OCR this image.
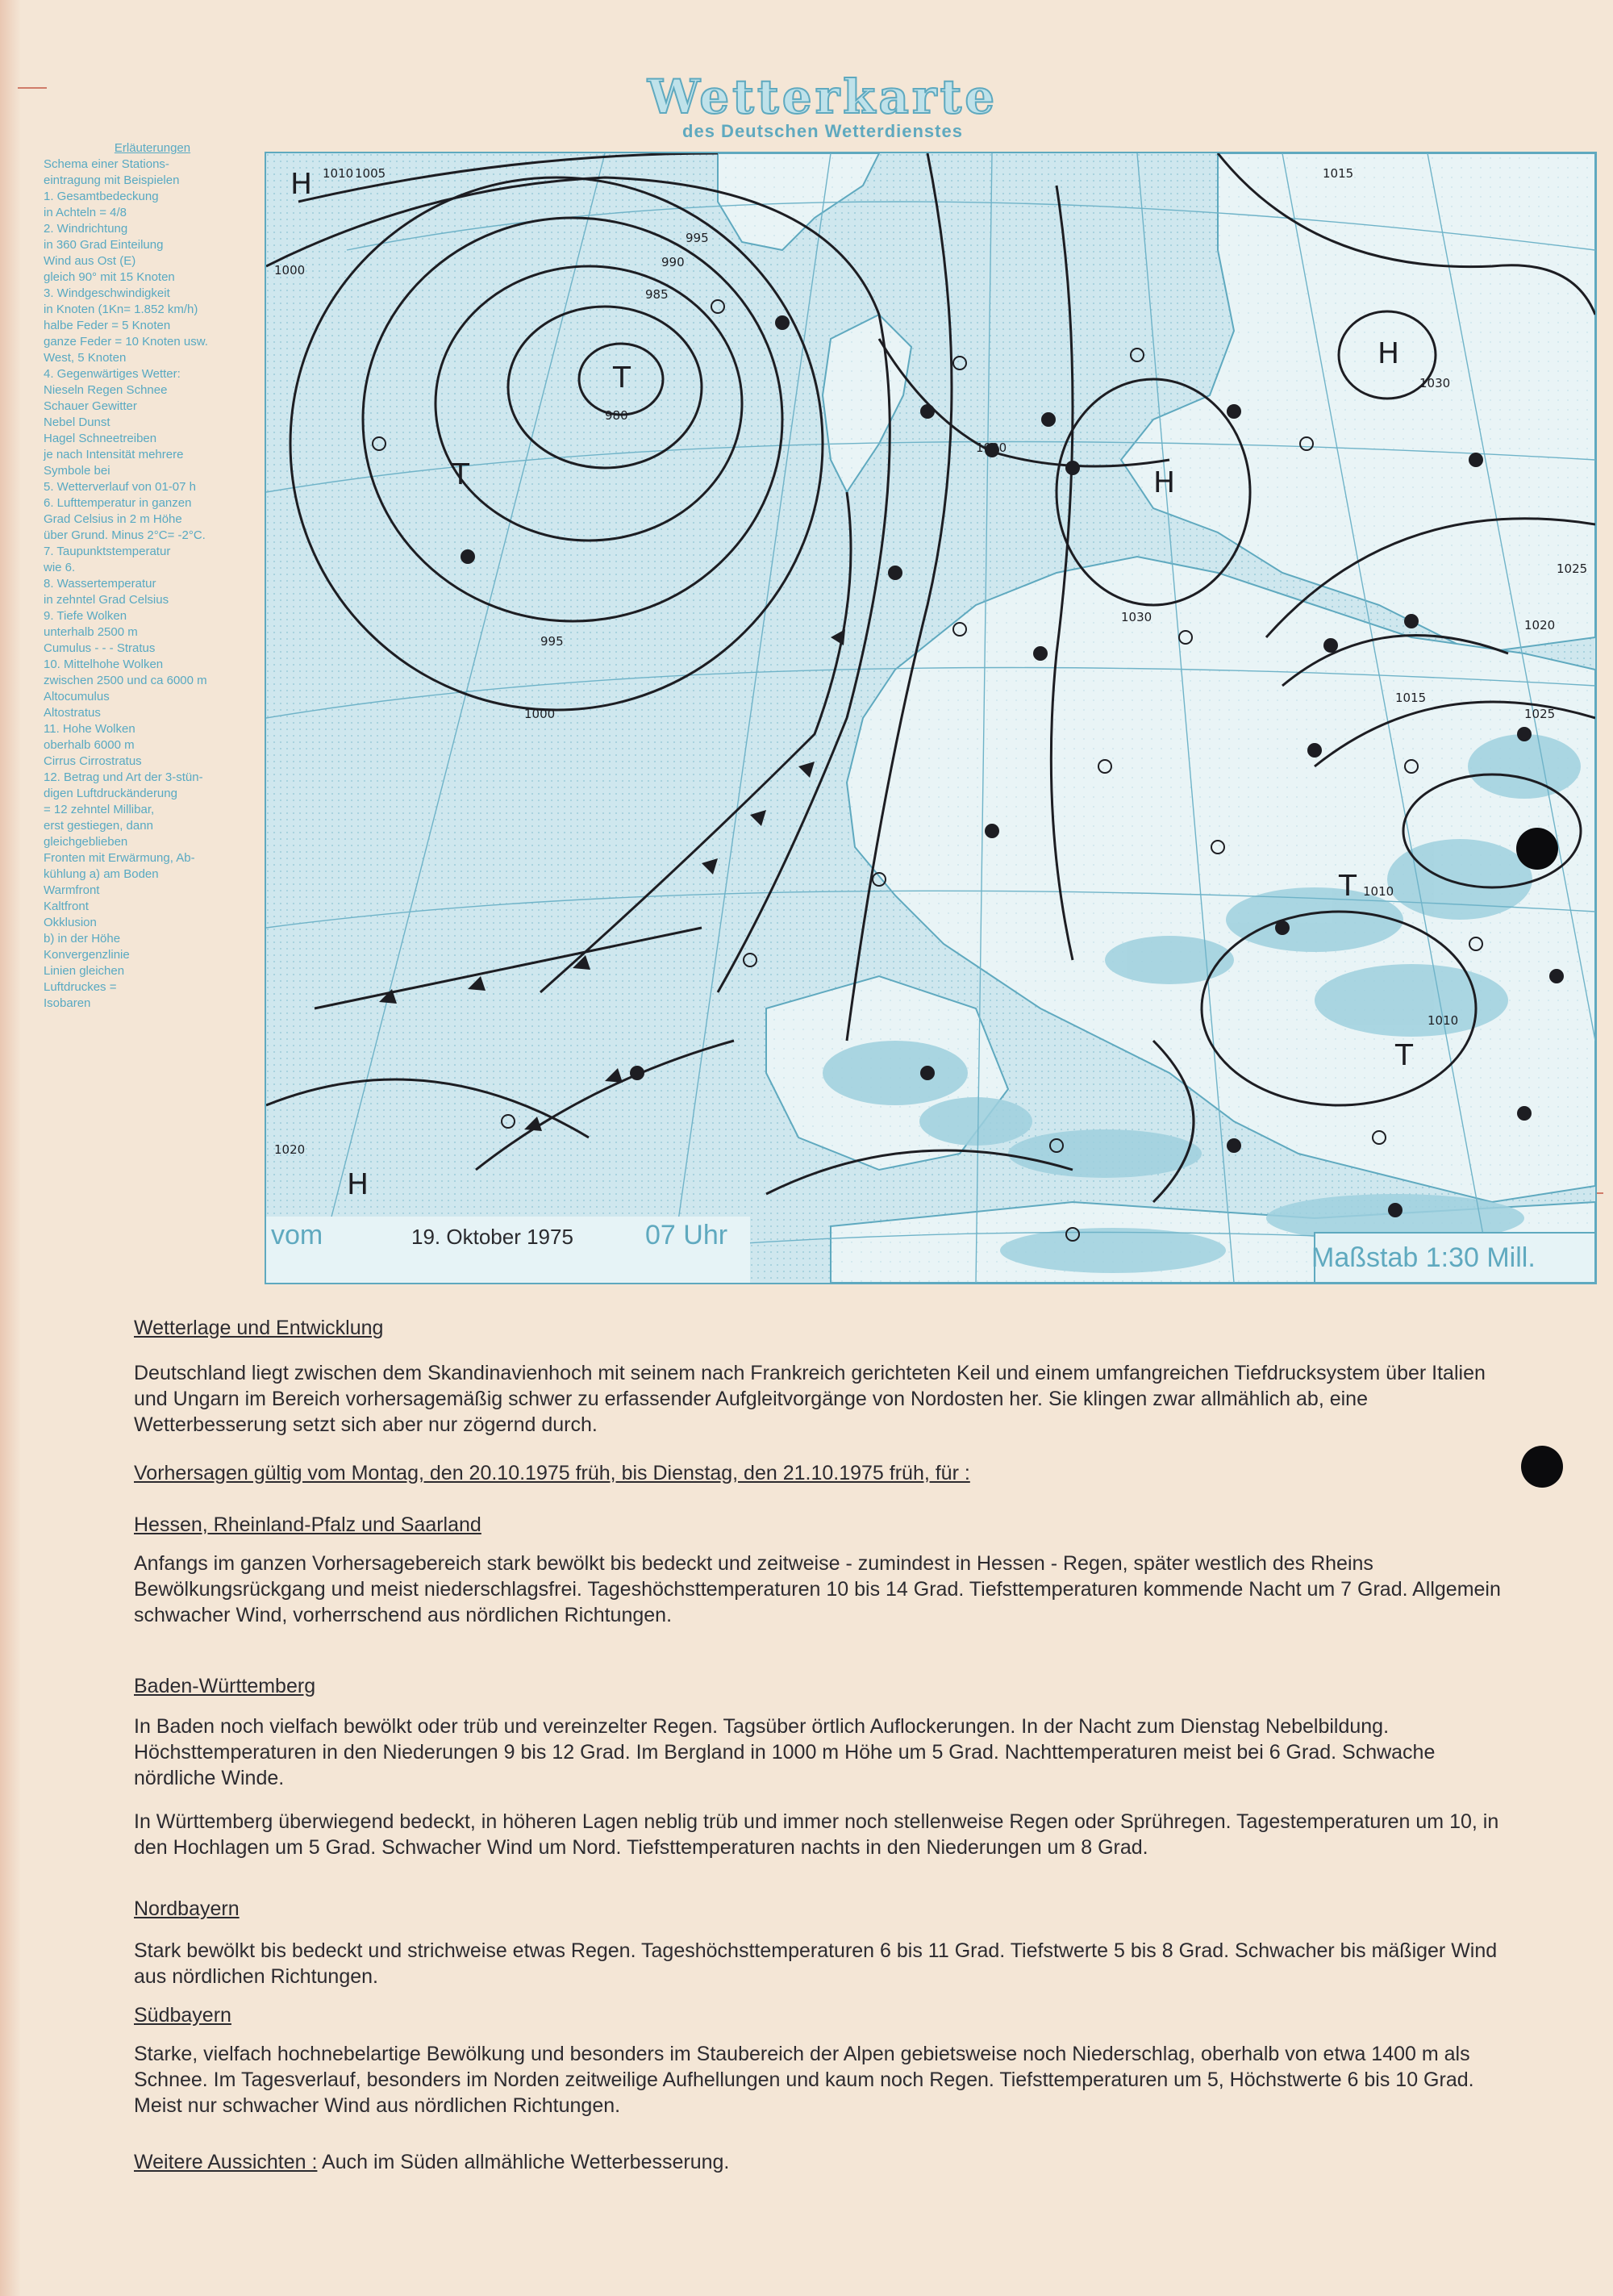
Wetterkarte
des Deutschen Wetterdienstes
Erläuterungen
Schema einer Stations-
eintragung mit Beispielen
1. Gesamtbedeckung
in Achteln = 4/8
2. Windrichtung
in 360 Grad Einteilung
Wind aus Ost (E)
gleich 90° mit 15 Knoten
3. Windgeschwindigkeit
in Knoten (1Kn= 1.852 km/h)
halbe Feder = 5 Knoten
ganze Feder = 10 Knoten usw.
West, 5 Knoten
4. Gegenwärtiges Wetter:
Nieseln Regen Schnee
Schauer Gewitter
Nebel Dunst
Hagel Schneetreiben
je nach Intensität mehrere
Symbole bei
5. Wetterverlauf von 01-07 h
6. Lufttemperatur in ganzen
Grad Celsius in 2 m Höhe
über Grund. Minus 2°C= -2°C.
7. Taupunktstemperatur
wie 6.
8. Wassertemperatur
in zehntel Grad Celsius
9. Tiefe Wolken
unterhalb 2500 m
Cumulus - - - Stratus
10. Mittelhohe Wolken
zwischen 2500 und ca 6000 m
Altocumulus
Altostratus
11. Hohe Wolken
oberhalb 6000 m
Cirrus Cirrostratus
12. Betrag und Art der 3-stün-
digen Luftdruckänderung
= 12 zehntel Millibar,
erst gestiegen, dann
gleichgeblieben
Fronten mit Erwärmung, Ab-
kühlung a) am Boden
Warmfront
Kaltfront
Okklusion
b) in der Höhe
Konvergenzlinie
Linien gleichen
Luftdruckes =
Isobaren
1010 1005
1000
995
990
985
980
1020
1025
1030
1015
1015
1020
1025
1030
1010
1010
1020
1000
995
H
T
T
H
H
T
T
H
vom	19. Oktober 1975	07 Uhr
Maßstab 1:30 Mill.
Wetterlage und Entwicklung
Deutschland liegt zwischen dem Skandinavienhoch mit seinem nach Frankreich gerichteten Keil und einem umfangreichen Tiefdrucksystem über Italien und Ungarn im Bereich vorhersagemäßig schwer zu erfassender Aufgleitvorgänge von Nordosten her. Sie klingen zwar allmählich ab, eine Wetterbesserung setzt sich aber nur zögernd durch.
Vorhersagen gültig vom Montag, den 20.10.1975 früh, bis Dienstag, den 21.10.1975 früh, für :
Hessen, Rheinland-Pfalz und Saarland
Anfangs im ganzen Vorhersagebereich stark bewölkt bis bedeckt und zeitweise - zumindest in Hessen - Regen, später westlich des Rheins Bewölkungsrückgang und meist niederschlagsfrei. Tageshöchsttemperaturen 10 bis 14 Grad. Tiefsttemperaturen kommende Nacht um 7 Grad. Allgemein schwacher Wind, vorherrschend aus nördlichen Richtungen.
Baden-Württemberg
In Baden noch vielfach bewölkt oder trüb und vereinzelter Regen. Tagsüber örtlich Auflockerungen. In der Nacht zum Dienstag Nebelbildung. Höchsttemperaturen in den Niederungen 9 bis 12 Grad. Im Bergland in 1000 m Höhe um 5 Grad. Nachttemperaturen meist bei 6 Grad. Schwache nördliche Winde.
In Württemberg überwiegend bedeckt, in höheren Lagen neblig trüb und immer noch stellenweise Regen oder Sprühregen. Tagestemperaturen um 10, in den Hochlagen um 5 Grad. Schwacher Wind um Nord. Tiefsttemperaturen nachts in den Niederungen um 8 Grad.
Nordbayern
Stark bewölkt bis bedeckt und strichweise etwas Regen. Tageshöchsttemperaturen 6 bis 11 Grad. Tiefstwerte 5 bis 8 Grad. Schwacher bis mäßiger Wind aus nördlichen Richtungen.
Südbayern
Starke, vielfach hochnebelartige Bewölkung und besonders im Staubereich der Alpen gebietsweise noch Niederschlag, oberhalb von etwa 1400 m als Schnee. Im Tagesverlauf, besonders im Norden zeitweilige Aufhellungen und kaum noch Regen. Tiefsttemperaturen um 5, Höchstwerte 6 bis 10 Grad. Meist nur schwacher Wind aus nördlichen Richtungen.
Weitere Aussichten : Auch im Süden allmähliche Wetterbesserung.
